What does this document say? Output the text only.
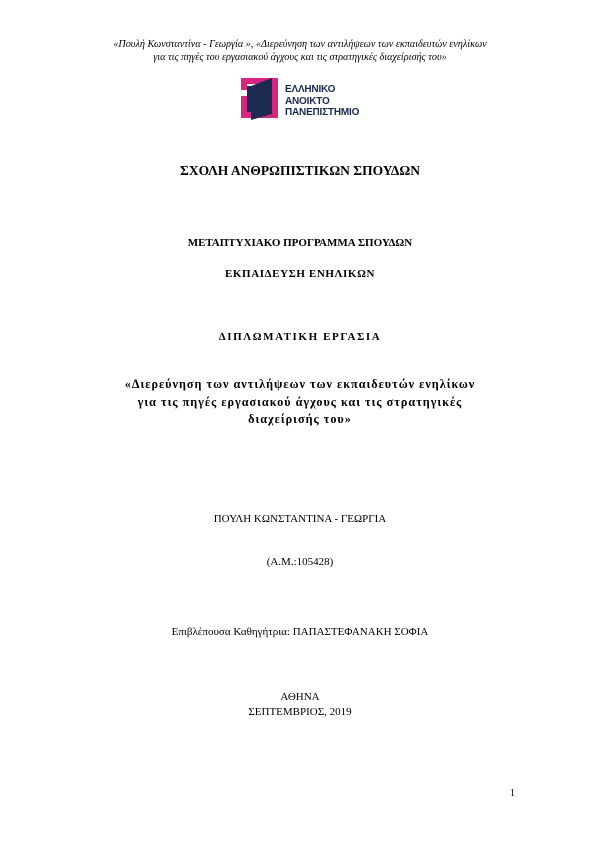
«Πουλή Κωνσταντίνα - Γεωργία », «Διερεύνηση των αντιλήψεων των εκπαιδευτών ενηλίκων
για τις πηγές του εργασιακού άγχους και τις στρατηγικές διαχείρισής του»
ΕΛΛΗΝΙΚΟ
ΑΝΟΙΚΤΟ
ΠΑΝΕΠΙΣΤΗΜΙΟ
ΣΧΟΛΗ ΑΝΘΡΩΠΙΣΤΙΚΩΝ ΣΠΟΥΔΩΝ
ΜΕΤΑΠΤΥΧΙΑΚΟ ΠΡΟΓΡΑΜΜΑ ΣΠΟΥΔΩΝ
ΕΚΠΑΙΔΕΥΣΗ ΕΝΗΛΙΚΩΝ
ΔΙΠΛΩΜΑΤΙΚΗ ΕΡΓΑΣΙΑ
«Διερεύνηση των αντιλήψεων των εκπαιδευτών ενηλίκων
για τις πηγές εργασιακού άγχους και τις στρατηγικές
διαχείρισής του»
ΠΟΥΛΗ ΚΩΝΣΤΑΝΤΙΝΑ - ΓΕΩΡΓΙΑ
(Α.Μ.:105428)
Επιβλέπουσα Καθηγήτρια: ΠΑΠΑΣΤΕΦΑΝΑΚΗ ΣΟΦΙΑ
ΑΘΗΝΑ
ΣΕΠΤΕΜΒΡΙΟΣ, 2019
1
